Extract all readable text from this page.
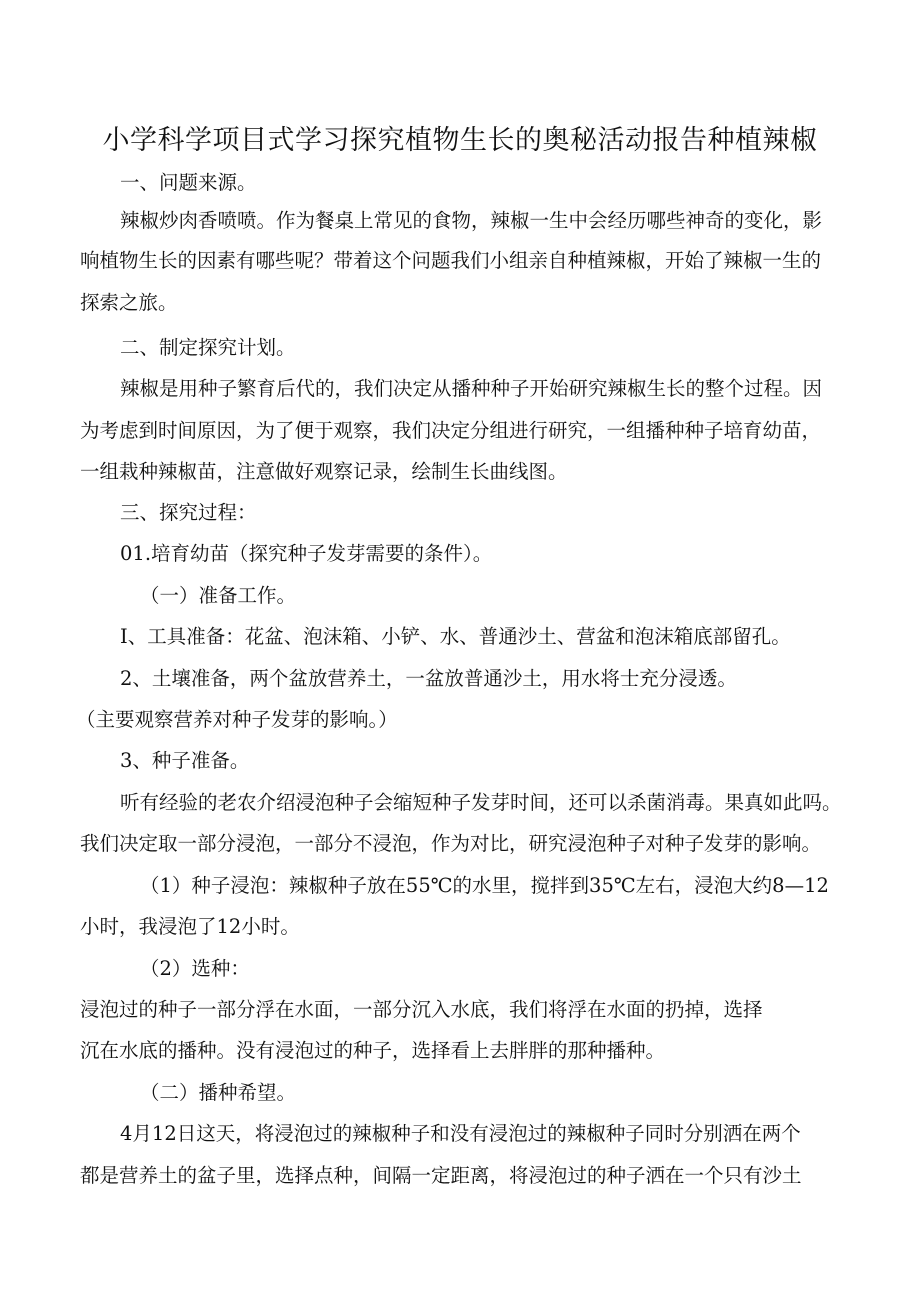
小学科学项目式学习探究植物生长的奥秘活动报告种植辣椒
一、问题来源。
辣椒炒肉香喷喷。作为餐桌上常见的食物，辣椒一生中会经历哪些神奇的变化，影
响植物生长的因素有哪些呢？带着这个问题我们小组亲自种植辣椒，开始了辣椒一生的
探索之旅。
二、制定探究计划。
辣椒是用种子繁育后代的，我们决定从播种种子开始研究辣椒生长的整个过程。因
为考虑到时间原因，为了便于观察，我们决定分组进行研究，一组播种种子培育幼苗，
一组栽种辣椒苗，注意做好观察记录，绘制生长曲线图。
三、探究过程：
01.培育幼苗（探究种子发芽需要的条件）。
（一）准备工作。
I、工具准备：花盆、泡沫箱、小铲、水、普通沙土、营盆和泡沫箱底部留孔。
2、土壤准备，两个盆放营养土，一盆放普通沙土，用水将士充分浸透。
（主要观察营养对种子发芽的影响。）
3、种子准备。
听有经验的老农介绍浸泡种子会缩短种子发芽时间，还可以杀菌消毒。果真如此吗。
我们决定取一部分浸泡，一部分不浸泡，作为对比，研究浸泡种子对种子发芽的影响。
（1）种子浸泡：辣椒种子放在55℃的水里，搅拌到35℃左右，浸泡大约8—12
小时，我浸泡了12小时。
（2）选种：
浸泡过的种子一部分浮在水面，一部分沉入水底，我们将浮在水面的扔掉，选择
沉在水底的播种。没有浸泡过的种子，选择看上去胖胖的那种播种。
（二）播种希望。
4月12日这天，将浸泡过的辣椒种子和没有浸泡过的辣椒种子同时分别洒在两个
都是营养土的盆子里，选择点种，间隔一定距离，将浸泡过的种子洒在一个只有沙土
